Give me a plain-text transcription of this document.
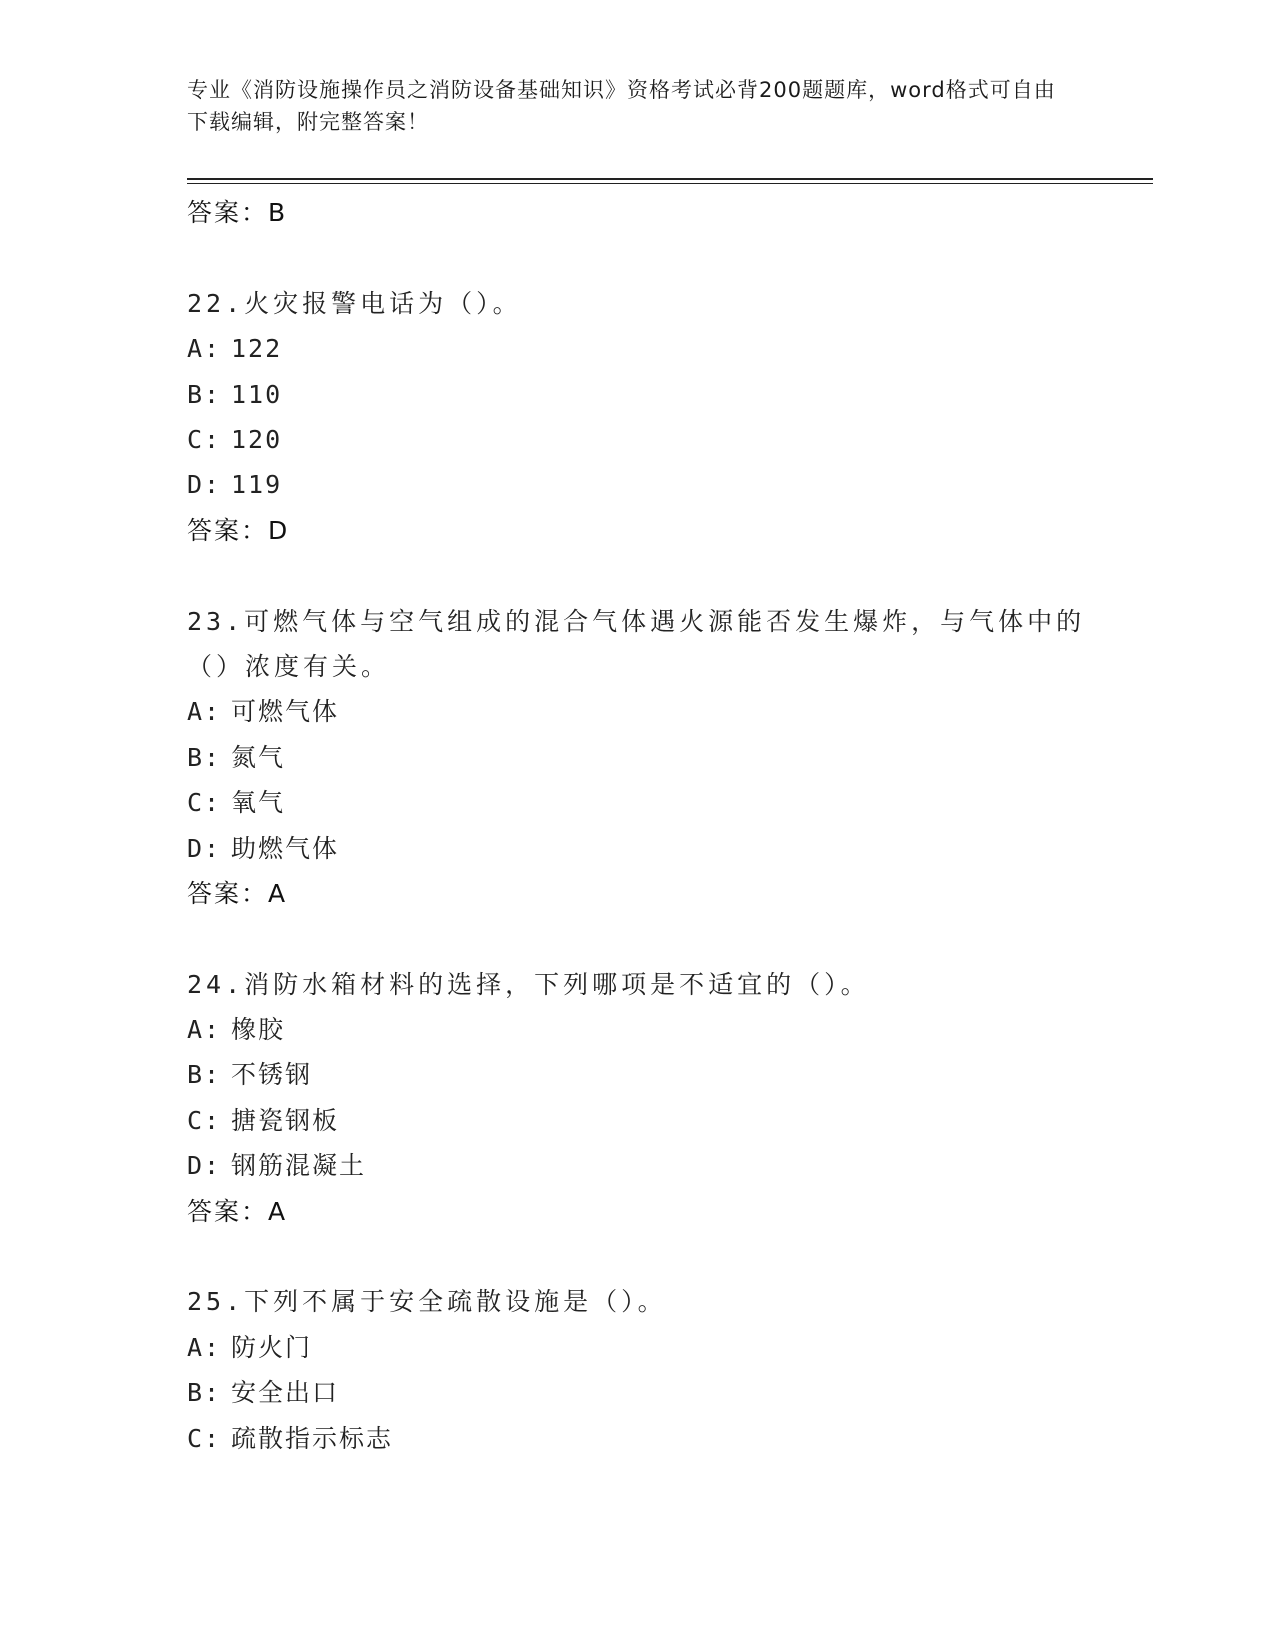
专业《消防设施操作员之消防设备基础知识》资格考试必背200题题库，word格式可自由下载编辑，附完整答案！
答案：B
22.火灾报警电话为（）。
A: 122
B: 110
C: 120
D: 119
答案：D
23.可燃气体与空气组成的混合气体遇火源能否发生爆炸，与气体中的（）浓度有关。
A: 可燃气体
B: 氮气
C: 氧气
D: 助燃气体
答案：A
24.消防水箱材料的选择，下列哪项是不适宜的（）。
A: 橡胶
B: 不锈钢
C: 搪瓷钢板
D: 钢筋混凝土
答案：A
25.下列不属于安全疏散设施是（）。
A: 防火门
B: 安全出口
C: 疏散指示标志
